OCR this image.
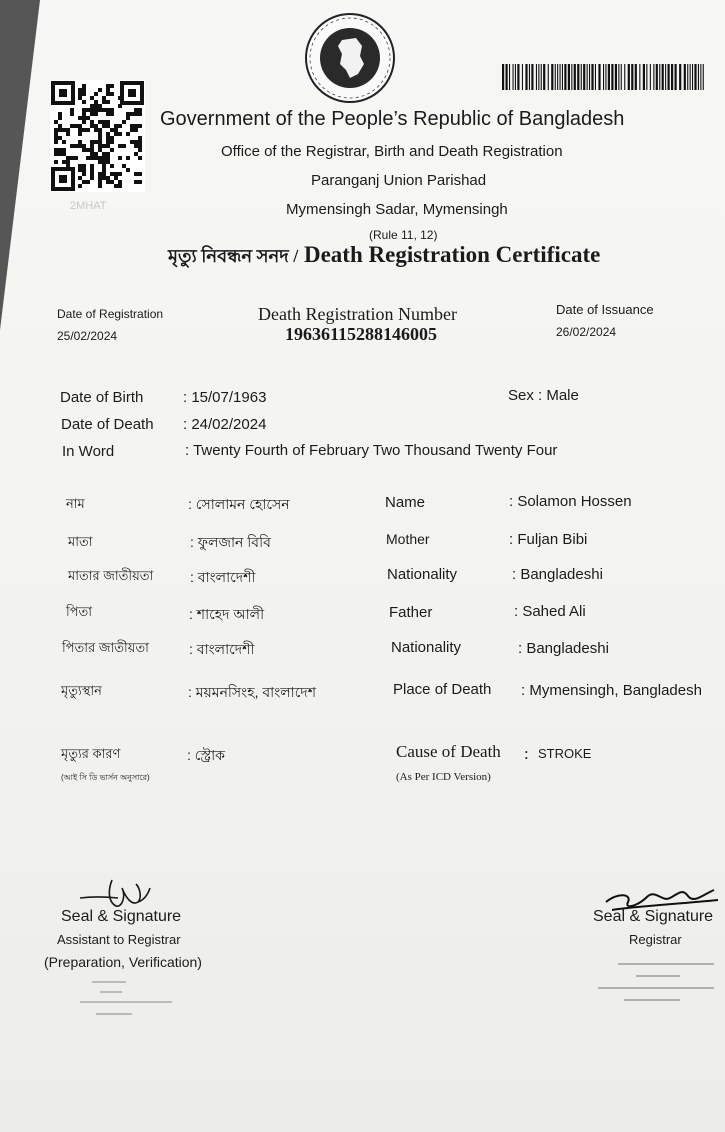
2MHAT
Government of the People’s Republic of Bangladesh
Office of the Registrar, Birth and Death Registration
Paranganj Union Parishad
Mymensingh Sadar, Mymensingh
(Rule 11, 12)
মৃত্যু নিবন্ধন সনদ / Death Registration Certificate
Date of Registration
25/02/2024
Death Registration Number
19636115288146005
Date of Issuance
26/02/2024
Date of Birth	: 15/07/1963	Sex : Male
Date of Death : 24/02/2024
In Word	: Twenty Fourth of February Two Thousand Twenty Four
নাম	: সোলামন হোসেন	Name	: Solamon Hossen
মাতা	: ফুলজান বিবি	Mother	: Fuljan Bibi
মাতার জাতীয়তা	: বাংলাদেশী	Nationality	: Bangladeshi
পিতা	: শাহেদ আলী	Father	: Sahed Ali
পিতার জাতীয়তা	: বাংলাদেশী	Nationality	: Bangladeshi
মৃত্যুস্থান	: ময়মনসিংহ, বাংলাদেশ	Place of Death : Mymensingh, Bangladesh
মৃত্যুর কারণ
(আই সি ডি ভার্সন অনুসারে)
: স্ট্রোক	Cause of Death : STROKE
(As Per ICD Version)
Seal & Signature
Assistant to Registrar
(Preparation, Verification)
Seal & Signature
Registrar
